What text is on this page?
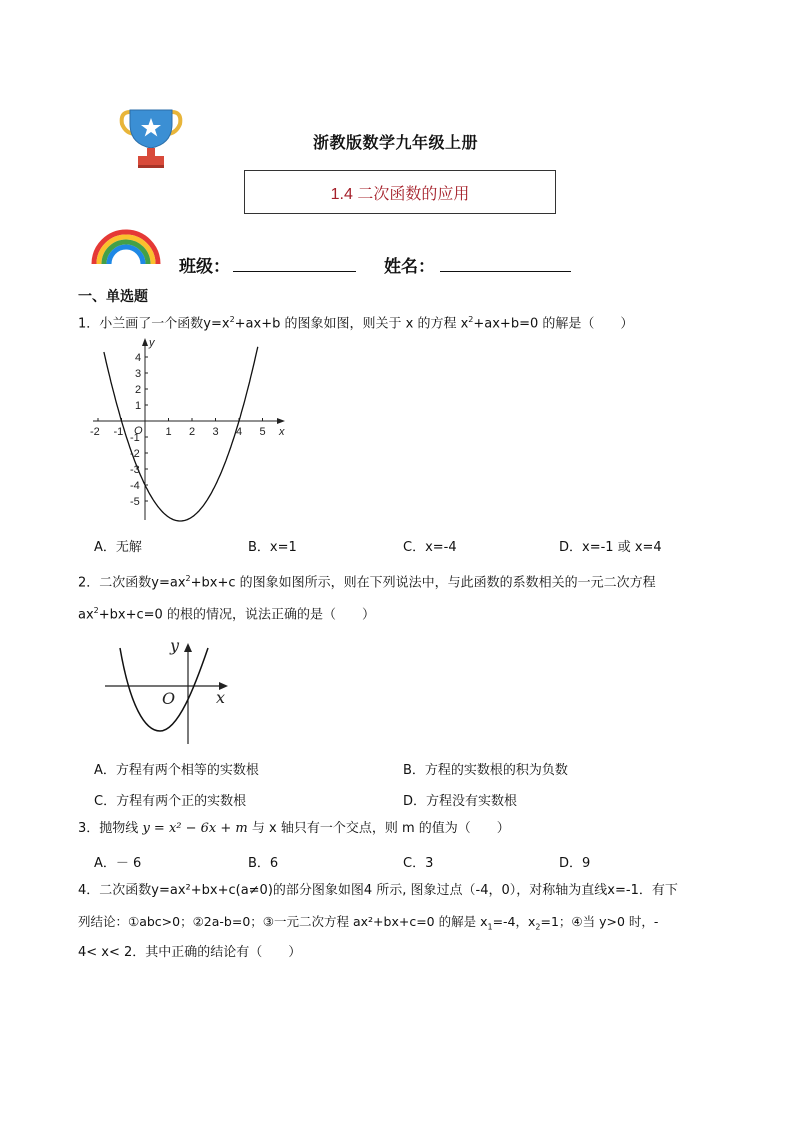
浙教版数学九年级上册
1.4 二次函数的应用
班级：	姓名：
一、单选题
1．小兰画了一个函数$y=x^2+ax+b$ 的图象如图，则关于 x 的方程 $x^2+ax+b=0$ 的解是（　　）
-2 -1	1 2 3 4 5
4
3
2
1
-1
-2
-3
-4
-5
O	x
y
A．无解	B．x=1	C．x=-4	D．x=-1 或 x=4
2．二次函数$y=ax^2+bx+c$ 的图象如图所示，则在下列说法中，与此函数的系数相关的一元二次方程
$ax^2+bx+c=0$ 的根的情况，说法正确的是（　　）
y
x
O
A．方程有两个相等的实数根	B．方程的实数根的积为负数
C．方程有两个正的实数根	D．方程没有实数根
3．抛物线 y = x² − 6x + m 与 x 轴只有一个交点，则 m 的值为（　　）
A．－ 6	B．6	C．3	D．9
4．二次函数y=ax²+bx+c(a≠0)的部分图象如图4 所示, 图象过点（-4，0），对称轴为直线x=-1．有下
列结论：①abc>0；②2a-b=0；③一元二次方程 ax²+bx+c=0 的解是 $x_1=-4$，$x_2=1$；④当 y>0 时，-
4< x< 2．其中正确的结论有（　　）
